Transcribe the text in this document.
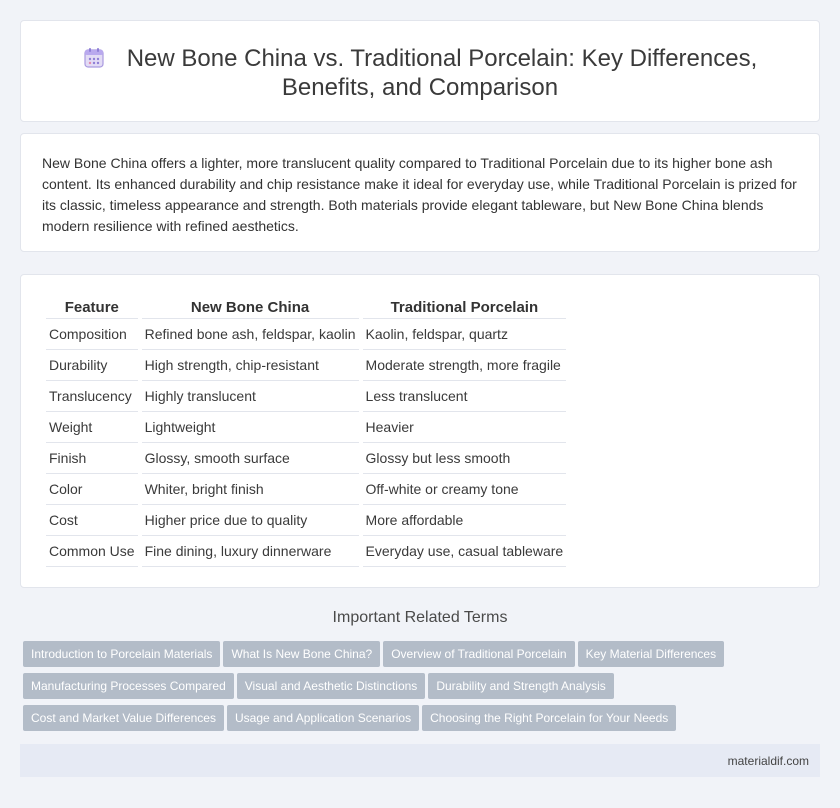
New Bone China vs. Traditional Porcelain: Key Differences,
Benefits, and Comparison

New Bone China offers a lighter, more translucent quality compared to Traditional Porcelain due to its higher bone ash content. Its enhanced durability and chip resistance make it ideal for everyday use, while Traditional Porcelain is prized for its classic, timeless appearance and strength. Both materials provide elegant tableware, but New Bone China blends modern resilience with refined aesthetics.

Feature	New Bone China	Traditional Porcelain
Composition	Refined bone ash, feldspar, kaolin	Kaolin, feldspar, quartz
Durability	High strength, chip-resistant	Moderate strength, more fragile
Translucency	Highly translucent	Less translucent
Weight	Lightweight	Heavier
Finish	Glossy, smooth surface	Glossy but less smooth
Color	Whiter, bright finish	Off-white or creamy tone
Cost	Higher price due to quality	More affordable
Common Use	Fine dining, luxury dinnerware	Everyday use, casual tableware
Important Related Terms
Introduction to Porcelain Materials What Is New Bone China? Overview of Traditional Porcelain Key Material Differences
Manufacturing Processes Compared Visual and Aesthetic Distinctions Durability and Strength Analysis
Cost and Market Value Differences Usage and Application Scenarios Choosing the Right Porcelain for Your Needs
materialdif.com
